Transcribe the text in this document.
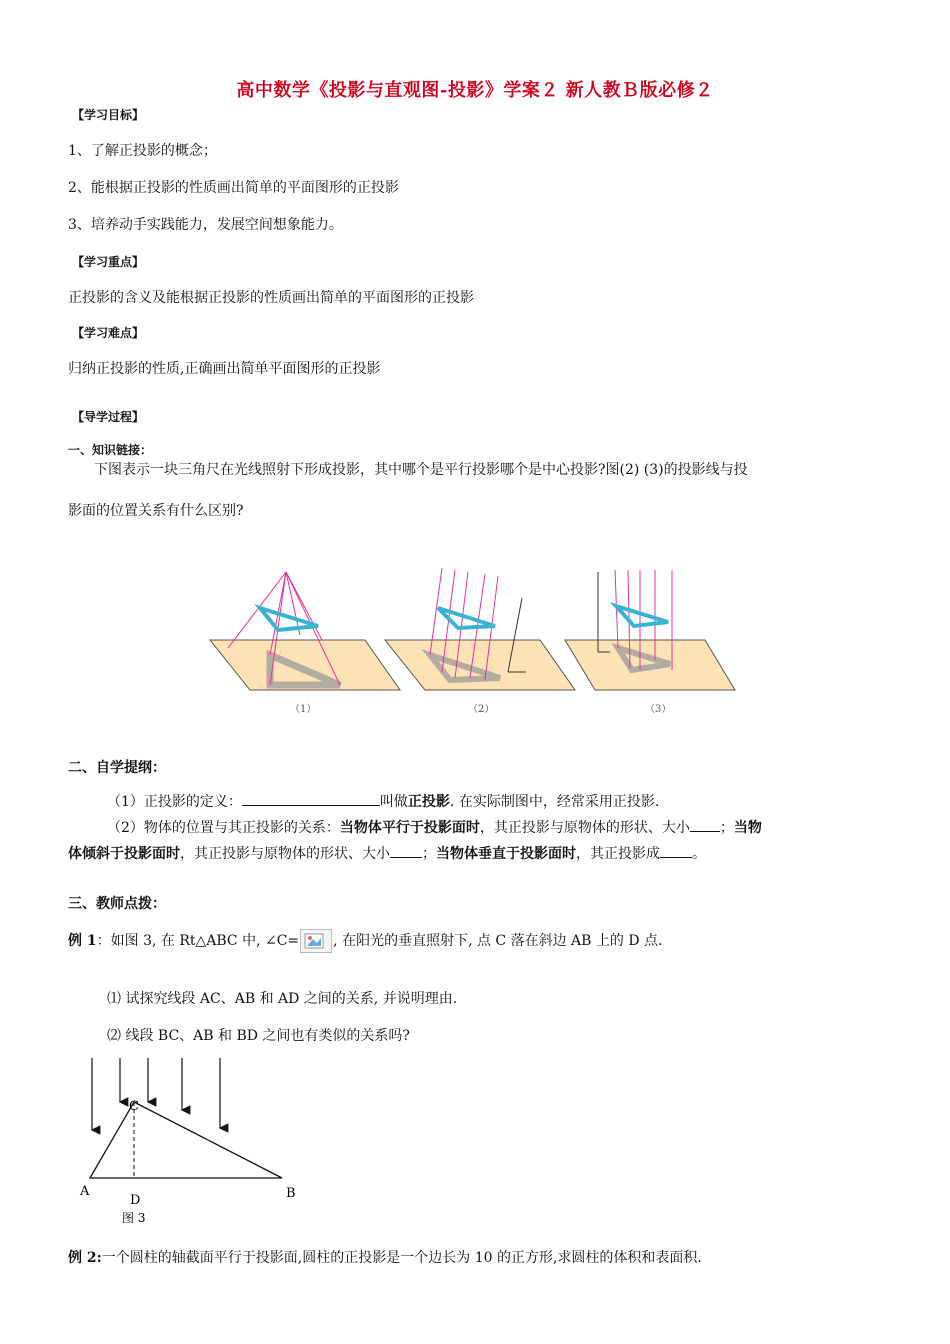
高中数学《投影与直观图-投影》学案２ 新人教Ｂ版必修２
【学习目标】
1、了解正投影的概念；
2、能根据正投影的性质画出简单的平面图形的正投影
3、培养动手实践能力，发展空间想象能力。
【学习重点】
正投影的含义及能根据正投影的性质画出简单的平面图形的正投影
【学习难点】
归纳正投影的性质,正确画出简单平面图形的正投影
【导学过程】
一、知识链接：
下图表示一块三角尺在光线照射下形成投影，其中哪个是平行投影哪个是中心投影?图(2) (3)的投影线与投
影面的位置关系有什么区别?
（1）	（2）	（3）
二、自学提纲：
（1）正投影的定义：	叫做正投影. 在实际制图中，经常采用正投影.
（2）物体的位置与其正投影的关系：当物体平行于投影面时，其正投影与原物体的形状、大小 ；当物
体倾斜于投影面时，其正投影与原物体的形状、大小 ；当物体垂直于投影面时，其正投影成 。
三、教师点拨：
例 1：如图 3, 在 Rt△ABC 中, ∠C= , 在阳光的垂直照射下, 点 C 落在斜边 AB 上的 D 点.
⑴ 试探究线段 AC、AB 和 AD 之间的关系, 并说明理由.
⑵ 线段 BC、AB 和 BD 之间也有类似的关系吗?
C
A	B
D
图 3
例 2:一个圆柱的轴截面平行于投影面,圆柱的正投影是一个边长为 10 的正方形,求圆柱的体积和表面积.
